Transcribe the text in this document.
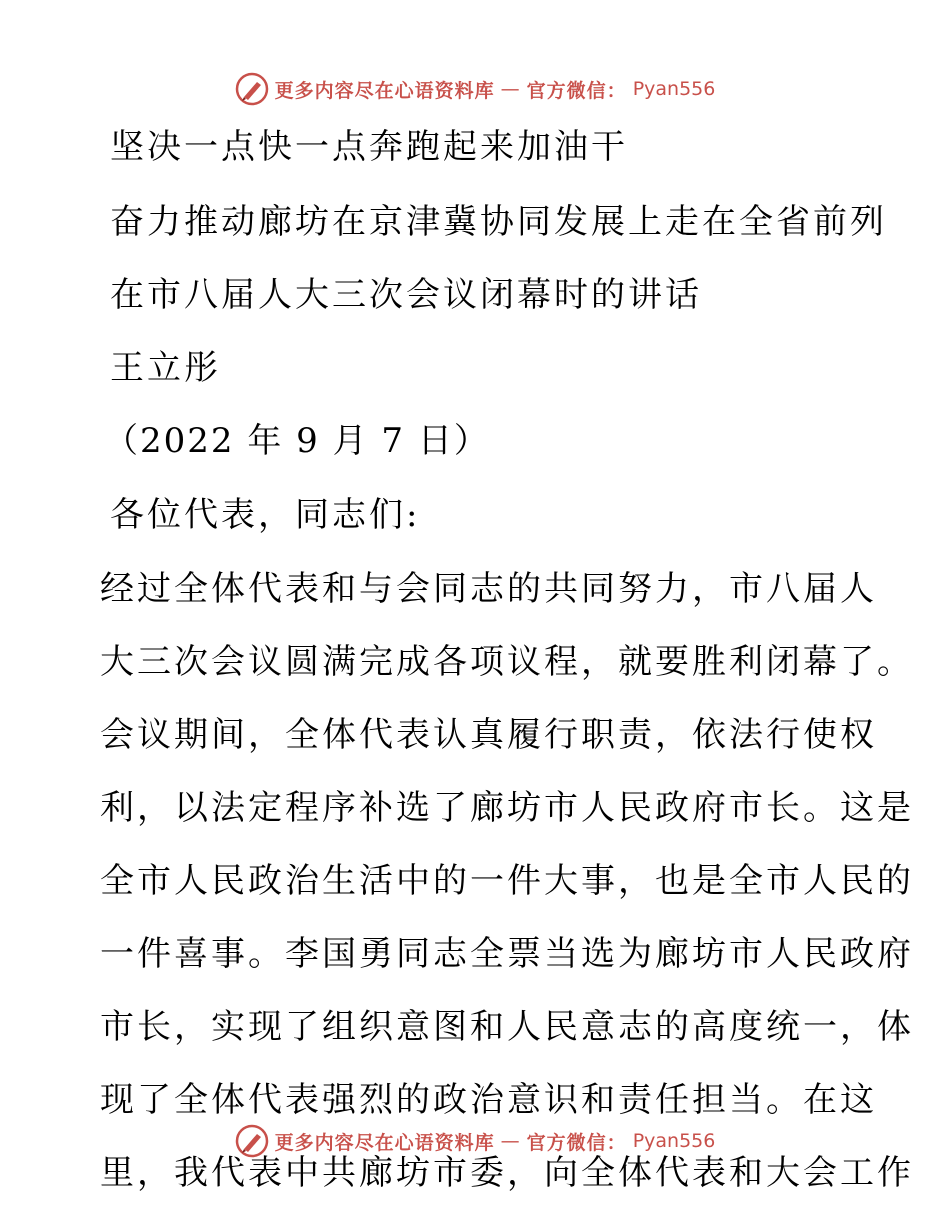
更多内容尽在心语资料库 — 官方微信： Pyan556
坚决一点快一点奔跑起来加油干
奋力推动廊坊在京津冀协同发展上走在全省前列
在市八届人大三次会议闭幕时的讲话
王立彤
（2022 年 9 月 7 日）
各位代表，同志们:
经过全体代表和与会同志的共同努力，市八届人
大三次会议圆满完成各项议程，就要胜利闭幕了。
会议期间，全体代表认真履行职责，依法行使权
利，以法定程序补选了廊坊市人民政府市长。这是
全市人民政治生活中的一件大事，也是全市人民的
一件喜事。李国勇同志全票当选为廊坊市人民政府
市长，实现了组织意图和人民意志的高度统一，体
现了全体代表强烈的政治意识和责任担当。在这
里，我代表中共廊坊市委，向全体代表和大会工作
更多内容尽在心语资料库 — 官方微信： Pyan556
